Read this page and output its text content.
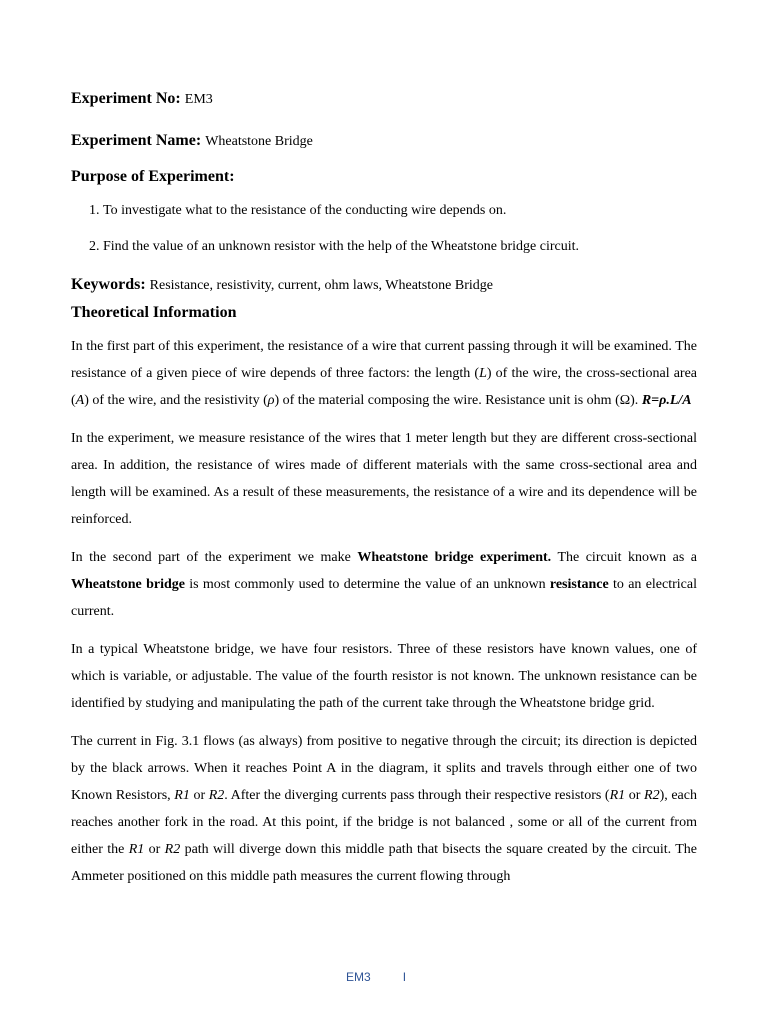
Experiment No: EM3
Experiment Name: Wheatstone Bridge
Purpose of Experiment:
1. To investigate what to the resistance of the conducting wire depends on.
2. Find the value of an unknown resistor with the help of the Wheatstone bridge circuit.
Keywords: Resistance, resistivity, current, ohm laws, Wheatstone Bridge
Theoretical Information

In the first part of this experiment, the resistance of a wire that current passing through it will be examined. The resistance of a given piece of wire depends of three factors: the length (L) of the wire, the cross-sectional area (A) of the wire, and the resistivity (ρ) of the material composing the wire. Resistance unit is ohm (Ω). R=ρ.L/A

In the experiment, we measure resistance of the wires that 1 meter length but they are different cross-sectional area. In addition, the resistance of wires made of different materials with the same cross-sectional area and length will be examined. As a result of these measurements, the resistance of a wire and its dependence will be reinforced.

In the second part of the experiment we make Wheatstone bridge experiment. The circuit known as a Wheatstone bridge is most commonly used to determine the value of an unknown resistance to an electrical current.

In a typical Wheatstone bridge, we have four resistors. Three of these resistors have known values, one of which is variable, or adjustable. The value of the fourth resistor is not known. The unknown resistance can be identified by studying and manipulating the path of the current take through the Wheatstone bridge grid.

The current in Fig. 3.1 flows (as always) from positive to negative through the circuit; its direction is depicted by the black arrows. When it reaches Point A in the diagram, it splits and travels through either one of two Known Resistors, R1 or R2. After the diverging currents pass through their respective resistors (R1 or R2), each reaches another fork in the road. At this point, if the bridge is not balanced , some or all of the current from either the R1 or R2 path will diverge down this middle path that bisects the square created by the circuit. The Ammeter positioned on this middle path measures the current flowing through

EM3	I
